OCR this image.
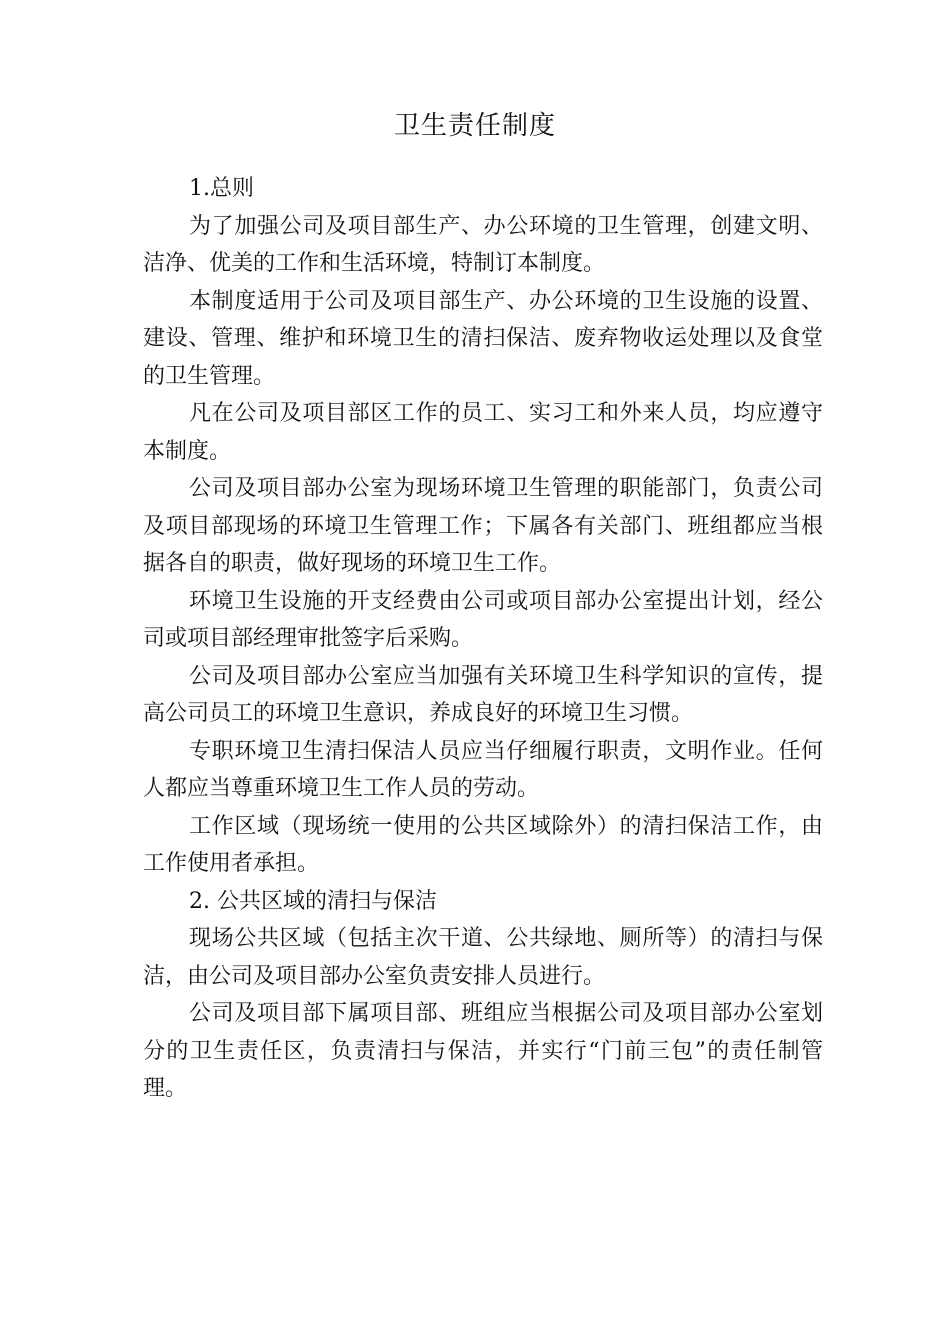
卫生责任制度

1.总则

为了加强公司及项目部生产、办公环境的卫生管理，创建文明、洁净、优美的工作和生活环境，特制订本制度。

本制度适用于公司及项目部生产、办公环境的卫生设施的设置、建设、管理、维护和环境卫生的清扫保洁、废弃物收运处理以及食堂的卫生管理。

凡在公司及项目部区工作的员工、实习工和外来人员，均应遵守本制度。

公司及项目部办公室为现场环境卫生管理的职能部门，负责公司及项目部现场的环境卫生管理工作；下属各有关部门、班组都应当根据各自的职责，做好现场的环境卫生工作。

环境卫生设施的开支经费由公司或项目部办公室提出计划，经公司或项目部经理审批签字后采购。

公司及项目部办公室应当加强有关环境卫生科学知识的宣传，提高公司员工的环境卫生意识，养成良好的环境卫生习惯。

专职环境卫生清扫保洁人员应当仔细履行职责，文明作业。任何人都应当尊重环境卫生工作人员的劳动。

工作区域（现场统一使用的公共区域除外）的清扫保洁工作，由工作使用者承担。

2. 公共区域的清扫与保洁

现场公共区域（包括主次干道、公共绿地、厕所等）的清扫与保洁，由公司及项目部办公室负责安排人员进行。

公司及项目部下属项目部、班组应当根据公司及项目部办公室划分的卫生责任区，负责清扫与保洁，并实行“门前三包”的责任制管理。
